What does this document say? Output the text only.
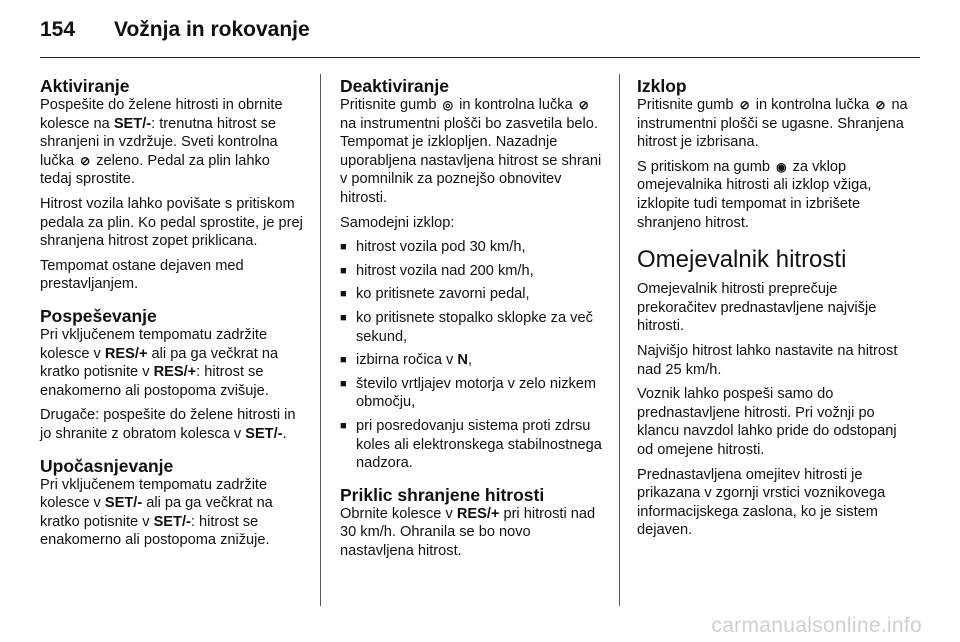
154	Vožnja in rokovanje
Aktiviranje

Pospešite do želene hitrosti in obrnite kolesce na SET/-: trenutna hitrost se shranjeni in vzdržuje. Sveti kontrolna lučka ⊘ zeleno. Pedal za plin lahko tedaj sprostite.

Hitrost vozila lahko povišate s pritiskom pedala za plin. Ko pedal sprostite, je prej shranjena hitrost zopet priklicana.

Tempomat ostane dejaven med prestavljanjem.

Pospeševanje

Pri vključenem tempomatu zadržite kolesce v RES/+ ali pa ga večkrat na kratko potisnite v RES/+: hitrost se enakomerno ali postopoma zvišuje.

Drugače: pospešite do želene hitrosti in jo shranite z obratom kolesca v SET/-.

Upočasnjevanje

Pri vključenem tempomatu zadržite kolesce v SET/- ali pa ga večkrat na kratko potisnite v SET/-: hitrost se enakomerno ali postopoma znižuje.

Deaktiviranje

Pritisnite gumb ◎ in kontrolna lučka ⊘ na instrumentni plošči bo zasvetila belo. Tempomat je izklopljen. Nazadnje uporabljena nastavljena hitrost se shrani v pomnilnik za poznejšo obnovitev hitrosti.

Samodejni izklop:

■ hitrost vozila pod 30 km/h,
■ hitrost vozila nad 200 km/h,
■ ko pritisnete zavorni pedal,
■ ko pritisnete stopalko sklopke za več sekund,
■ izbirna ročica v N,
■ število vrtljajev motorja v zelo nizkem območju,
■ pri posredovanju sistema proti zdrsu koles ali elektronskega stabilnostnega nadzora.
Priklic shranjene hitrosti

Obrnite kolesce v RES/+ pri hitrosti nad 30 km/h. Ohranila se bo novo nastavljena hitrost.

Izklop

Pritisnite gumb ⊘ in kontrolna lučka ⊘ na instrumentni plošči se ugasne. Shranjena hitrost je izbrisana.

S pritiskom na gumb ◉ za vklop omejevalnika hitrosti ali izklop vžiga, izklopite tudi tempomat in izbrišete shranjeno hitrost.

Omejevalnik hitrosti

Omejevalnik hitrosti preprečuje prekoračitev prednastavljene najvišje hitrosti.

Najvišjo hitrost lahko nastavite na hitrost nad 25 km/h.

Voznik lahko pospeši samo do prednastavljene hitrosti. Pri vožnji po klancu navzdol lahko pride do odstopanj od omejene hitrosti.

Prednastavljena omejitev hitrosti je prikazana v zgornji vrstici voznikovega informacijskega zaslona, ko je sistem dejaven.

carmanualsonline.info
